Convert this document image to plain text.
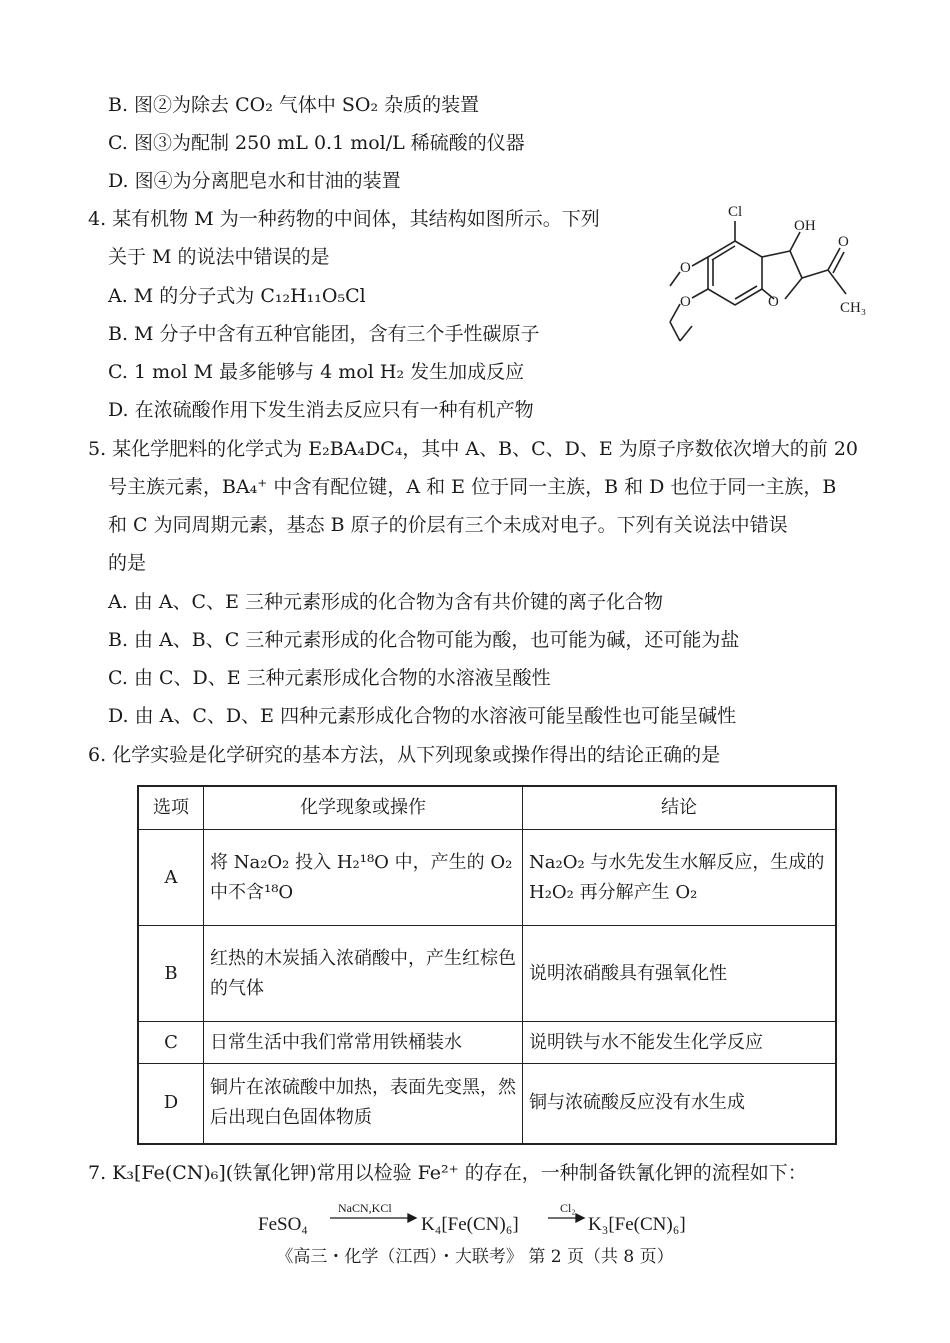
B. 图②为除去 CO₂ 气体中 SO₂ 杂质的装置
C. 图③为配制 250 mL 0.1 mol/L 稀硫酸的仪器
D. 图④为分离肥皂水和甘油的装置
4. 某有机物 M 为一种药物的中间体，其结构如图所示。下列
关于 M 的说法中错误的是
A. M 的分子式为 C₁₂H₁₁O₅Cl
B. M 分子中含有五种官能团，含有三个手性碳原子
C. 1 mol M 最多能够与 4 mol H₂ 发生加成反应
D. 在浓硫酸作用下发生消去反应只有一种有机产物
Cl
OH
O
CH₃
O
O
O
5. 某化学肥料的化学式为 E₂BA₄DC₄，其中 A、B、C、D、E 为原子序数依次增大的前 20
号主族元素，BA₄⁺ 中含有配位键，A 和 E 位于同一主族，B 和 D 也位于同一主族，B
和 C 为同周期元素，基态 B 原子的价层有三个未成对电子。下列有关说法中错误
的是
A. 由 A、C、E 三种元素形成的化合物为含有共价键的离子化合物
B. 由 A、B、C 三种元素形成的化合物可能为酸，也可能为碱，还可能为盐
C. 由 C、D、E 三种元素形成化合物的水溶液呈酸性
D. 由 A、C、D、E 四种元素形成化合物的水溶液可能呈酸性也可能呈碱性
6. 化学实验是化学研究的基本方法，从下列现象或操作得出的结论正确的是
选项	化学现象或操作	结论
A	将 Na₂O₂ 投入 H₂¹⁸O 中，产生的 O₂ 中不含¹⁸O	Na₂O₂ 与水先发生水解反应，生成的 H₂O₂ 再分解产生 O₂
B	红热的木炭插入浓硝酸中，产生红棕色的气体	说明浓硝酸具有强氧化性
C	日常生活中我们常常用铁桶装水	说明铁与水不能发生化学反应
D	铜片在浓硫酸中加热，表面先变黑，然后出现白色固体物质	铜与浓硫酸反应没有水生成
7. K₃[Fe(CN)₆](铁氰化钾)常用以检验 Fe²⁺ 的存在，一种制备铁氰化钾的流程如下：
FeSO₄
NaCN,KCl
K₄[Fe(CN)₆]
Cl₂
K₃[Fe(CN)₆]
《高三・化学（江西）・大联考》 第 2 页（共 8 页）
